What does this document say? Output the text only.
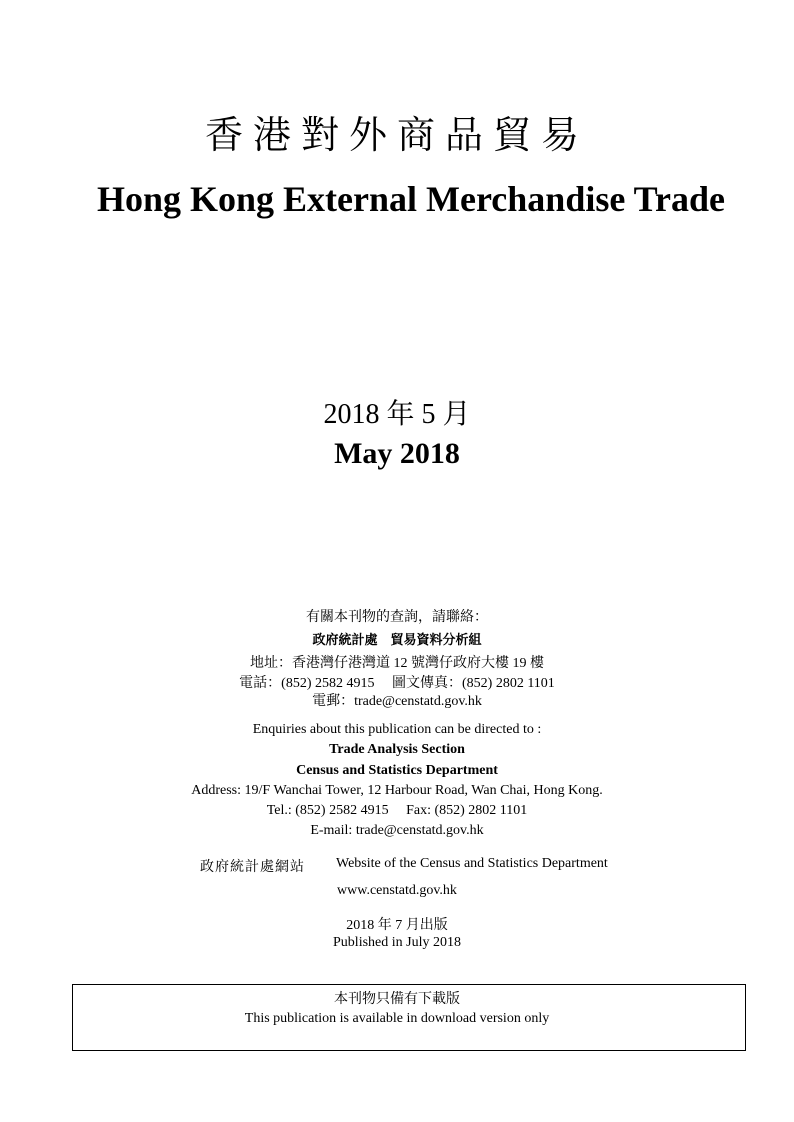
香港對外商品貿易
Hong Kong External Merchandise Trade
2018 年 5 月
May 2018
有關本刊物的查詢，請聯絡：
政府統計處　貿易資料分析組
地址：香港灣仔港灣道 12 號灣仔政府大樓 19 樓
電話：(852) 2582 4915　 圖文傳真：(852) 2802 1101
電郵：trade@censtatd.gov.hk
Enquiries about this publication can be directed to :
Trade Analysis Section
Census and Statistics Department
Address: 19/F Wanchai Tower, 12 Harbour Road, Wan Chai, Hong Kong.
Tel.: (852) 2582 4915     Fax: (852) 2802 1101
E-mail: trade@censtatd.gov.hk
政府統計處網站 Website of the Census and Statistics Department
www.censtatd.gov.hk
2018 年 7 月出版
Published in July 2018
本刊物只備有下載版
This publication is available in download version only
